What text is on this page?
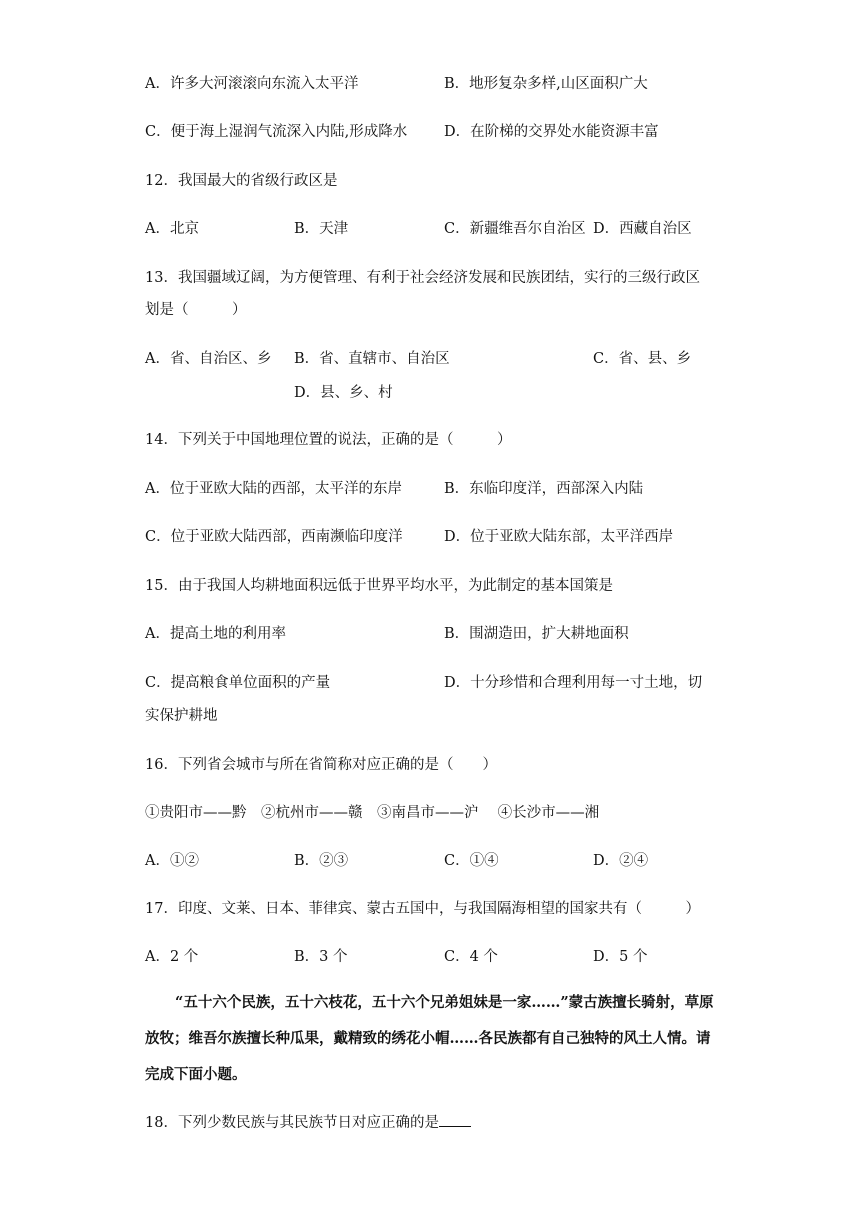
A．许多大河滚滚向东流入太平洋	B．地形复杂多样,山区面积广大
C．便于海上湿润气流深入内陆,形成降水	D．在阶梯的交界处水能资源丰富
12．我国最大的省级行政区是
A．北京	B．天津	C．新疆维吾尔自治区 D．西藏自治区
13．我国疆域辽阔，为方便管理、有利于社会经济发展和民族团结，实行的三级行政区
划是（　　　）
A．省、自治区、乡 B．省、直辖市、自治区	C．省、县、乡
D．县、乡、村
14．下列关于中国地理位置的说法，正确的是（　　　）
A．位于亚欧大陆的西部，太平洋的东岸	B．东临印度洋，西部深入内陆
C．位于亚欧大陆西部，西南濒临印度洋	D．位于亚欧大陆东部，太平洋西岸
15．由于我国人均耕地面积远低于世界平均水平，为此制定的基本国策是
A．提高土地的利用率	B．围湖造田，扩大耕地面积
C．提高粮食单位面积的产量	D．十分珍惜和合理利用每一寸土地，切
实保护耕地
16．下列省会城市与所在省简称对应正确的是（　　）
①贵阳市——黔　②杭州市——赣　③南昌市——沪　 ④长沙市——湘
A．①②	B．②③	C．①④	D．②④
17．印度、文莱、日本、菲律宾、蒙古五国中，与我国隔海相望的国家共有（　　　）
A．2 个	B．3 个	C．4 个	D．5 个
“五十六个民族，五十六枝花，五十六个兄弟姐妹是一家……”蒙古族擅长骑射，草原放牧；维吾尔族擅长种瓜果，戴精致的绣花小帽……各民族都有自己独特的风土人情。请完成下面小题。
18．下列少数民族与其民族节日对应正确的是
